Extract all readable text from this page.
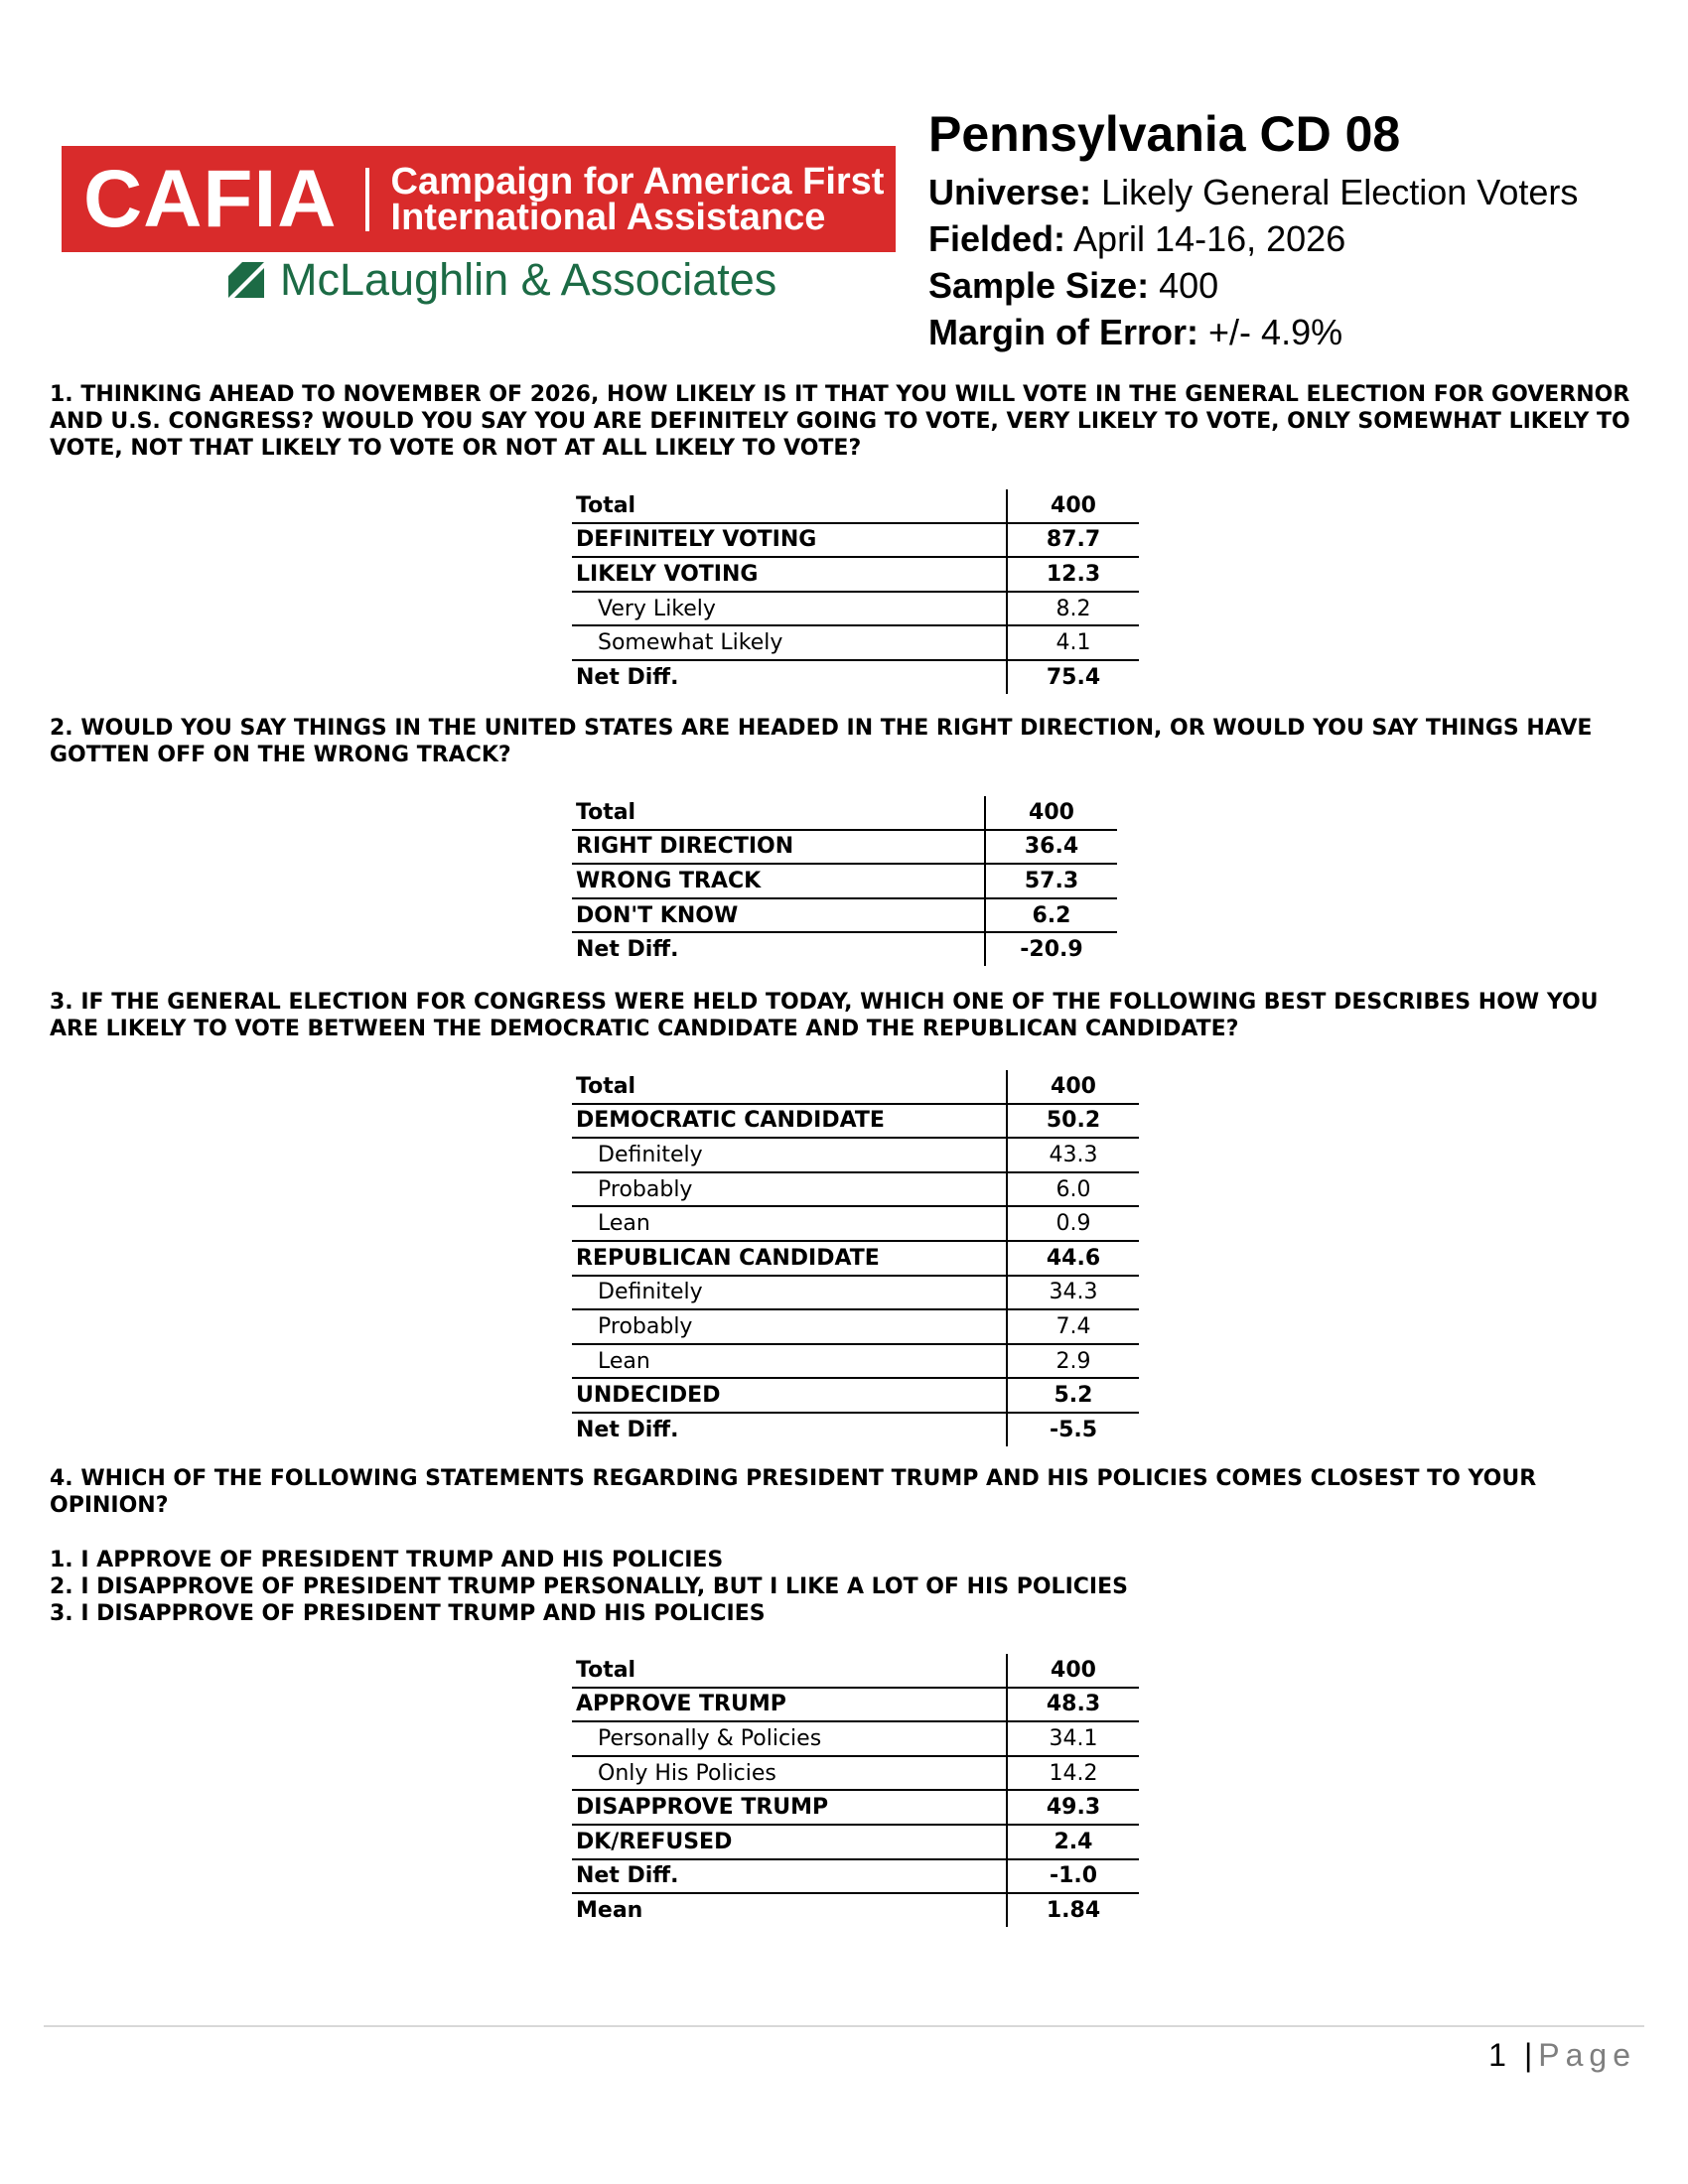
CAFIA Campaign for America First
International Assistance
McLaughlin & Associates
Pennsylvania CD 08
Universe: Likely General Election Voters
Fielded: April 14-16, 2026
Sample Size: 400
Margin of Error: +/- 4.9%

1. THINKING AHEAD TO NOVEMBER OF 2026, HOW LIKELY IS IT THAT YOU WILL VOTE IN THE GENERAL ELECTION FOR GOVERNOR AND U.S. CONGRESS? WOULD YOU SAY YOU ARE DEFINITELY GOING TO VOTE, VERY LIKELY TO VOTE, ONLY SOMEWHAT LIKELY TO VOTE, NOT THAT LIKELY TO VOTE OR NOT AT ALL LIKELY TO VOTE?

Total	400
DEFINITELY VOTING	87.7
LIKELY VOTING	12.3
Very Likely	8.2
Somewhat Likely	4.1
Net Diff.	75.4

2. WOULD YOU SAY THINGS IN THE UNITED STATES ARE HEADED IN THE RIGHT DIRECTION, OR WOULD YOU SAY THINGS HAVE GOTTEN OFF ON THE WRONG TRACK?

Total	400
RIGHT DIRECTION	36.4
WRONG TRACK	57.3
DON'T KNOW	6.2
Net Diff.	-20.9

3. IF THE GENERAL ELECTION FOR CONGRESS WERE HELD TODAY, WHICH ONE OF THE FOLLOWING BEST DESCRIBES HOW YOU ARE LIKELY TO VOTE BETWEEN THE DEMOCRATIC CANDIDATE AND THE REPUBLICAN CANDIDATE?

Total	400
DEMOCRATIC CANDIDATE	50.2
Definitely	43.3
Probably	6.0
Lean	0.9
REPUBLICAN CANDIDATE	44.6
Definitely	34.3
Probably	7.4
Lean	2.9
UNDECIDED	5.2
Net Diff.	-5.5

4. WHICH OF THE FOLLOWING STATEMENTS REGARDING PRESIDENT TRUMP AND HIS POLICIES COMES CLOSEST TO YOUR OPINION?

1. I APPROVE OF PRESIDENT TRUMP AND HIS POLICIES
2. I DISAPPROVE OF PRESIDENT TRUMP PERSONALLY, BUT I LIKE A LOT OF HIS POLICIES
3. I DISAPPROVE OF PRESIDENT TRUMP AND HIS POLICIES
Total	400
APPROVE TRUMP	48.3
Personally & Policies	34.1
Only His Policies	14.2
DISAPPROVE TRUMP	49.3
DK/REFUSED	2.4
Net Diff.	-1.0
Mean	1.84
1 | Page
